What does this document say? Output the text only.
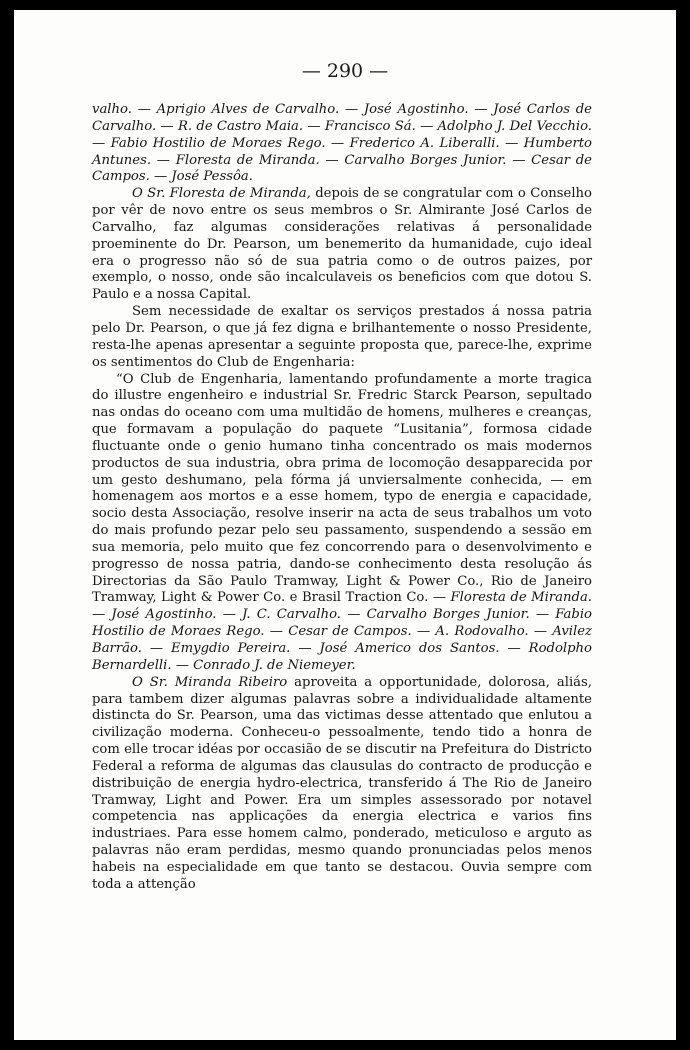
— 290 —

valho. — Aprigio Alves de Carvalho. — José Agostinho. — José Carlos de Carvalho. — R. de Castro Maia. — Francisco Sá. — Adolpho J. Del Vecchio. — Fabio Hostilio de Moraes Rego. — Frederico A. Liberalli. — Humberto Antunes. — Floresta de Miranda. — Carvalho Borges Junior. — Cesar de Campos. — José Pessôa.

O Sr. Floresta de Miranda, depois de se congratular com o Conselho por vêr de novo entre os seus membros o Sr. Almirante José Carlos de Carvalho, faz algumas considerações relativas á personalidade proeminente do Dr. Pearson, um benemerito da humanidade, cujo ideal era o progresso não só de sua patria como o de outros paizes, por exemplo, o nosso, onde são incalculaveis os beneficios com que dotou S. Paulo e a nossa Capital.

Sem necessidade de exaltar os serviços prestados á nossa patria pelo Dr. Pearson, o que já fez digna e brilhantemente o nosso Presidente, resta-lhe apenas apresentar a seguinte proposta que, parece-lhe, exprime os sentimentos do Club de Engenharia:

“O Club de Engenharia, lamentando profundamente a morte tragica do illustre engenheiro e industrial Sr. Fredric Starck Pearson, sepultado nas ondas do oceano com uma multidão de homens, mulheres e creanças, que formavam a população do paquete “Lusitania”, formosa cidade fluctuante onde o genio humano tinha concentrado os mais modernos productos de sua industria, obra prima de locomoção desapparecida por um gesto deshumano, pela fórma já unviersalmente conhecida, — em homenagem aos mortos e a esse homem, typo de energia e capacidade, socio desta Associação, resolve inserir na acta de seus trabalhos um voto do mais profundo pezar pelo seu passamento, suspendendo a sessão em sua memoria, pelo muito que fez concorrendo para o desenvolvimento e progresso de nossa patria, dando-se conhecimento desta resolução ás Directorias da São Paulo Tramway, Light & Power Co., Rio de Janeiro Tramway, Light & Power Co. e Brasil Traction Co. — Floresta de Miranda. — José Agostinho. — J. C. Carvalho. — Carvalho Borges Junior. — Fabio Hostilio de Moraes Rego. — Cesar de Campos. — A. Rodovalho. — Avilez Barrão. — Emygdio Pereira. — José Americo dos Santos. — Rodolpho Bernardelli. — Conrado J. de Niemeyer.

O Sr. Miranda Ribeiro aproveita a opportunidade, dolorosa, aliás, para tambem dizer algumas palavras sobre a individualidade altamente distincta do Sr. Pearson, uma das victimas desse attentado que enlutou a civilização moderna. Conheceu-o pessoalmente, tendo tido a honra de com elle trocar idéas por occasião de se discutir na Prefeitura do Districto Federal a reforma de algumas das clausulas do contracto de producção e distribuição de energia hydro-electrica, transferido á The Rio de Janeiro Tramway, Light and Power. Era um simples assessorado por notavel competencia nas applicações da energia electrica e varios fins industriaes. Para esse homem calmo, ponderado, meticuloso e arguto as palavras não eram perdidas, mesmo quando pronunciadas pelos menos habeis na especialidade em que tanto se destacou. Ouvia sempre com toda a attenção
